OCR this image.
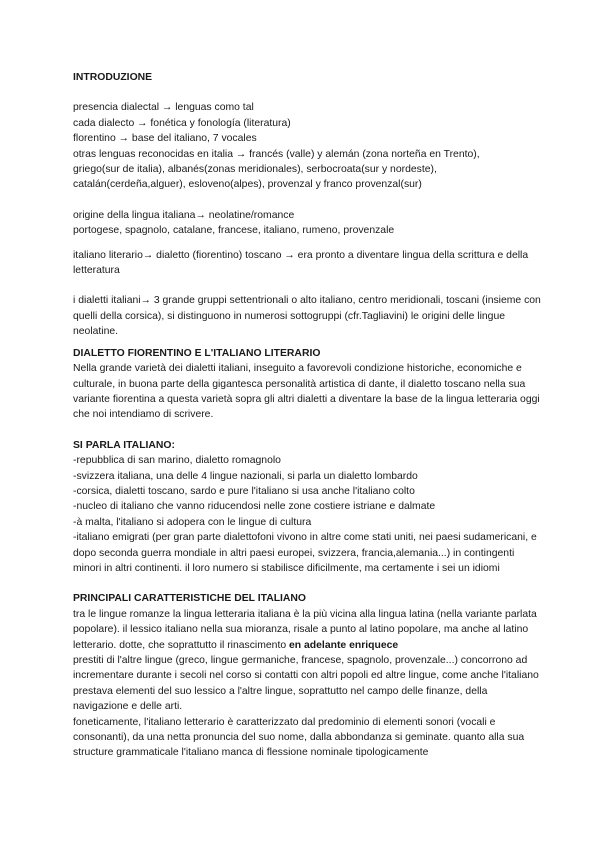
INTRODUZIONE

presencia dialectal → lenguas como tal

cada dialecto → fonética y fonología (literatura)

florentino → base del italiano, 7 vocales

otras lenguas reconocidas en italia → francés (valle) y alemán (zona norteña en Trento),

griego(sur de italia), albanés(zonas meridionales), serbocroata(sur y nordeste),

catalán(cerdeña,alguer), esloveno(alpes), provenzal y franco provenzal(sur)

origine della lingua italiana→ neolatine/romance

portogese, spagnolo, catalane, francese, italiano, rumeno, provenzale

italiano literario→ dialetto (fiorentino) toscano → era pronto a diventare lingua della scrittura e della letteratura

i dialetti italiani→ 3 grande gruppi settentrionali o alto italiano, centro meridionali, toscani (insieme con quelli della corsica), si distinguono in numerosi sottogruppi (cfr.Tagliavini) le origini delle lingue neolatine.

DIALETTO FIORENTINO E L'ITALIANO LITERARIO

Nella grande varietà dei dialetti italiani, inseguito a favorevoli condizione historiche, economiche e culturale, in buona parte della gigantesca personalità artistica di dante, il dialetto toscano nella sua variante fiorentina a questa varietà sopra gli altri dialetti a diventare la base de la lingua letteraria oggi che noi intendiamo di scrivere.

SI PARLA ITALIANO:

-repubblica di san marino, dialetto romagnolo

-svizzera italiana, una delle 4 lingue nazionali, si parla un dialetto lombardo

-corsica, dialetti toscano, sardo e pure l'italiano si usa anche l'italiano colto

-nucleo di italiano che vanno riducendosi nelle zone costiere istriane e dalmate

-à malta, l'italiano si adopera con le lingue di cultura

-italiano emigrati (per gran parte dialettofoni vivono in altre come stati uniti, nei paesi sudamericani, e dopo seconda guerra mondiale in altri paesi europei, svizzera, francia,alemania...) in contingenti minori in altri continenti. il loro numero si stabilisce dificilmente, ma certamente i sei un idiomi

PRINCIPALI CARATTERISTICHE DEL ITALIANO

tra le lingue romanze la lingua letteraria italiana è la più vicina alla lingua latina (nella variante parlata popolare). il lessico italiano nella sua mioranza, risale a punto al latino popolare, ma anche al latino letterario. dotte, che soprattutto il rinascimento en adelante enriquece

prestiti di l'altre lingue (greco, lingue germaniche, francese, spagnolo, provenzale...) concorrono ad incrementare durante i secoli nel corso si contatti con altri popoli ed altre lingue, come anche l'italiano prestava elementi del suo lessico a l'altre lingue, soprattutto nel campo delle finanze, della navigazione e delle arti.

foneticamente, l'italiano letterario è caratterizzato dal predominio di elementi sonori (vocali e consonanti), da una netta pronuncia del suo nome, dalla abbondanza si geminate. quanto alla sua structure grammaticale l'italiano manca di flessione nominale tipologicamente
